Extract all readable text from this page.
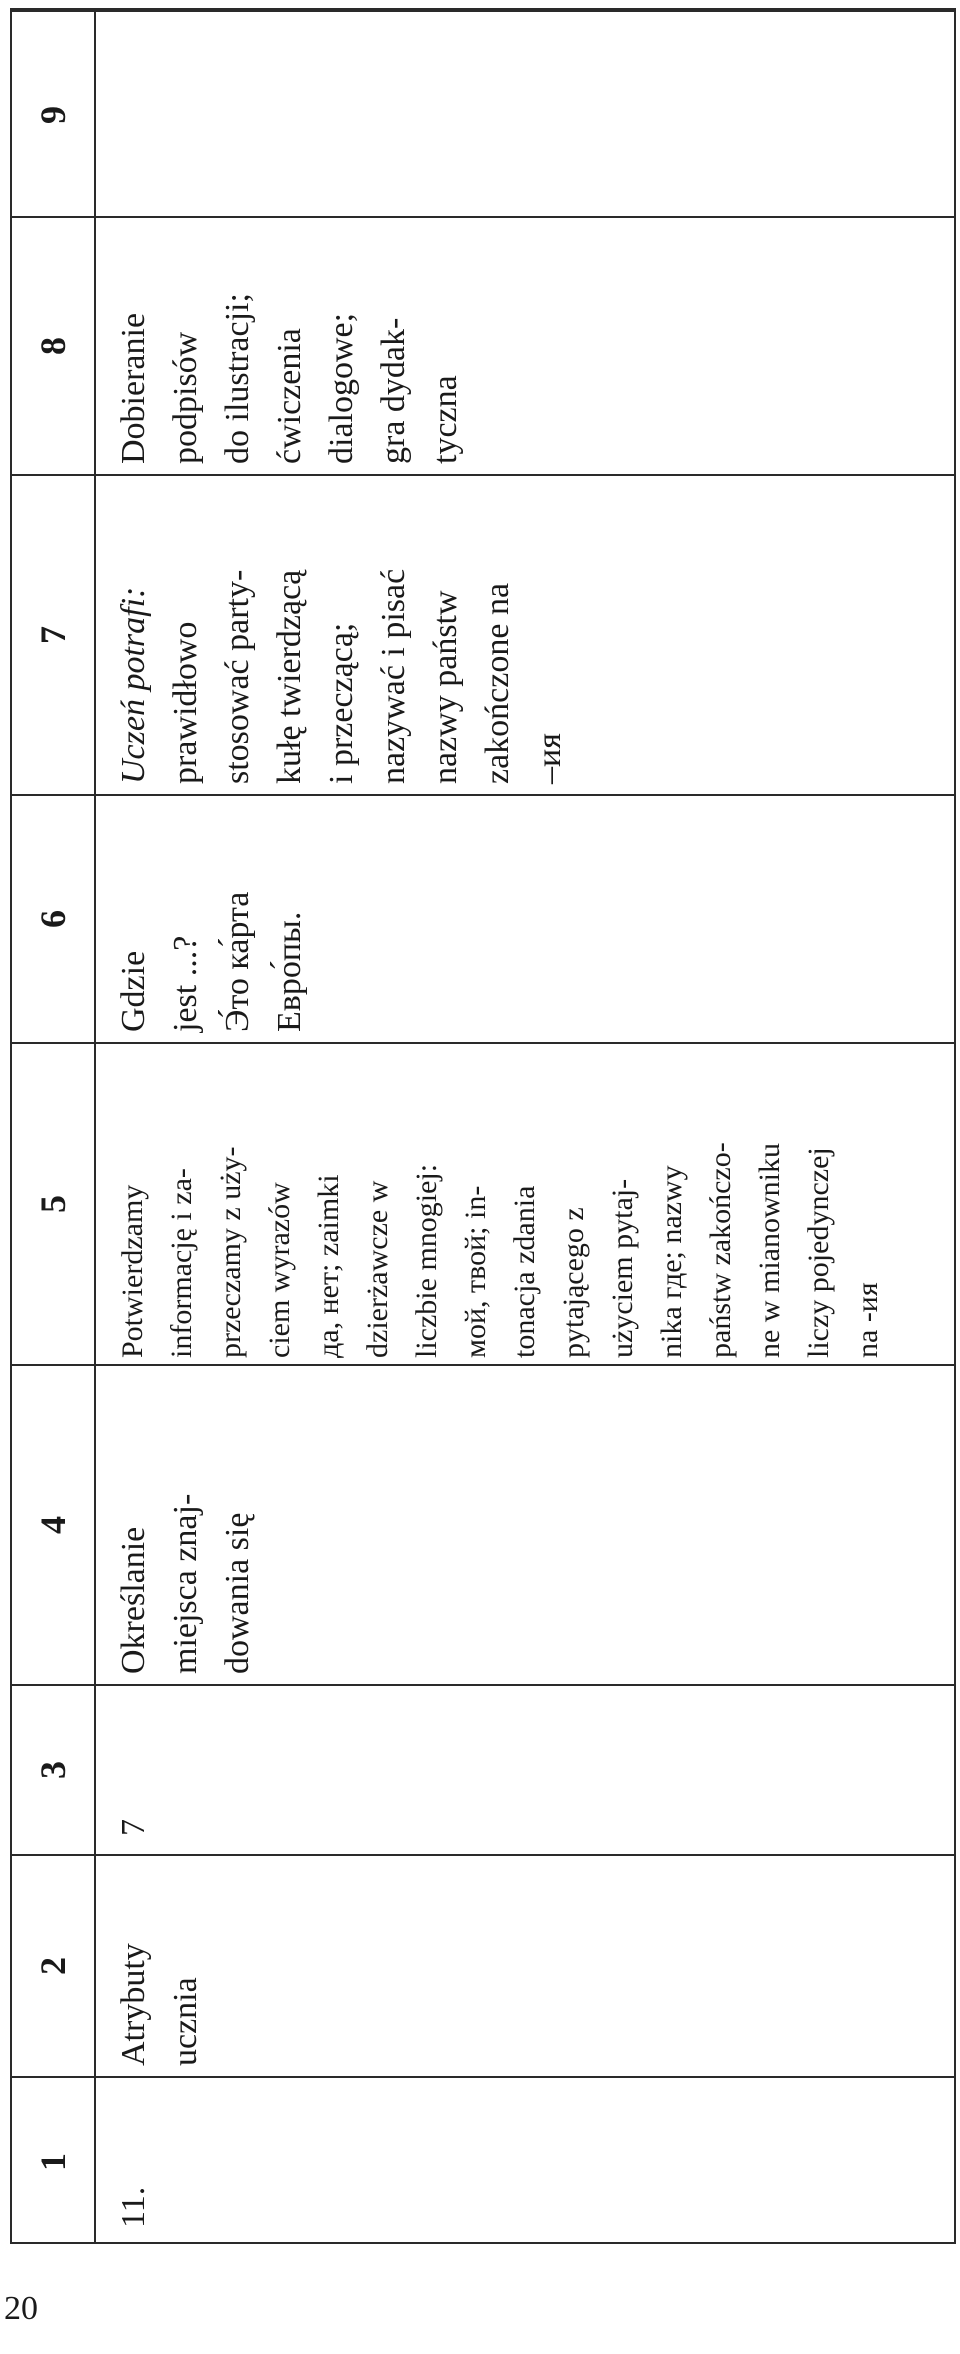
9
8 Dobieranie
podpisów
do ilustracji;
ćwiczenia
dialogowe;
gra dydak-
tyczna
7 Uczeń potrafi: prawidłowo
stosować party-
kułę twierdzącą
i przeczącą;
nazywać i pisać
nazwy państw
zakończone na
–ия
6
Gdzie
jest ...?
Э́то ка́рта
Евро́пы.
5 Potwierdzamy
informację i za-
przeczamy z uży-
ciem wyrazów
да, нет; zaimki
dzierżawcze w
liczbie mnogiej:
мой, твой; in-
tonacja zdania
pytającego z
użyciem pytaj-
nika где; nazwy
państw zakończo-
ne w mianowniku
liczy pojedynczej
na -ия
4
Określanie
miejsca znaj-
dowania się
3
7
2 Atrybuty
ucznia
1
11.
20
